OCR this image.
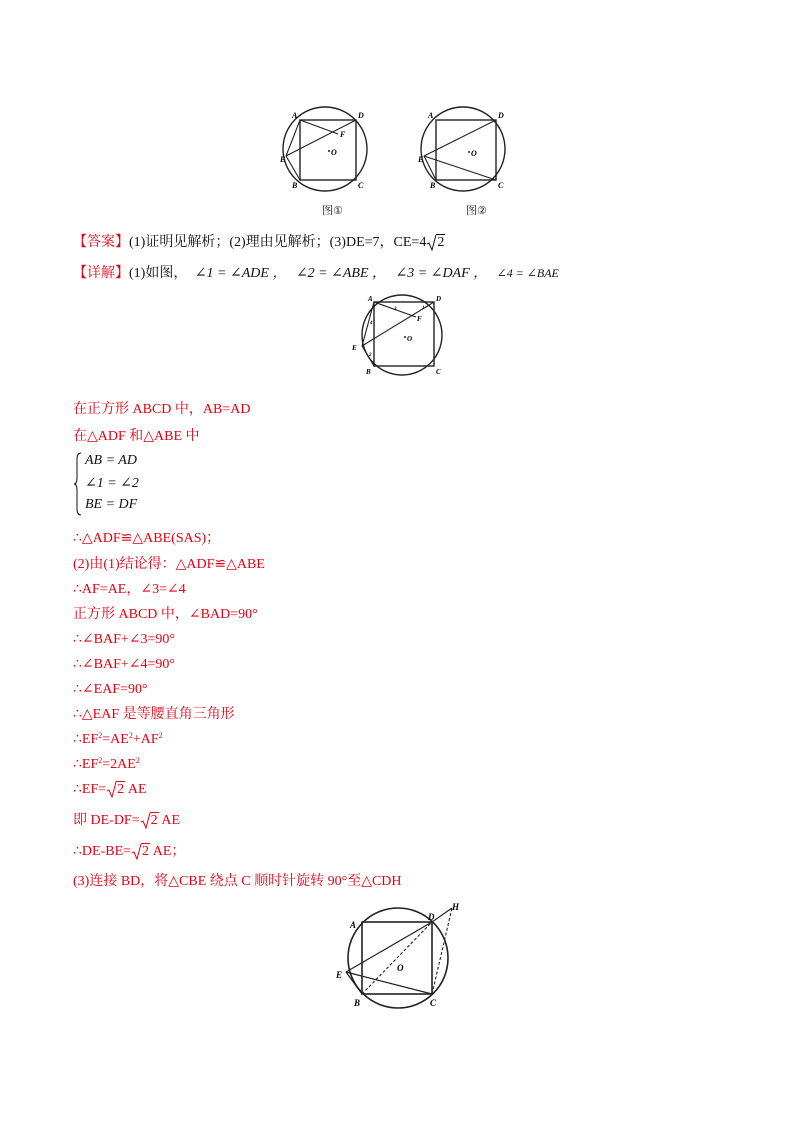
A	D
F
O
E
B	C
图①
A	D
O
E
B	C
图②
【答案】(1)证明见解析；(2)理由见解析；(3)DE=7，CE=4 2
【详解】(1)如图， ∠1 = ∠ADE ， ∠2 = ∠ABE ， ∠3 = ∠DAF ， ∠4 = ∠BAE
A	D
F
O
E
B	C
3	1
4
2
在正方形 ABCD 中，AB=AD
在△ADF 和△ABE 中
AB = AD
∠1 = ∠2
BE = DF
∴△ADF≌△ABE(SAS)；
(2)由(1)结论得：△ADF≌△ABE
∴AF=AE，∠3=∠4
正方形 ABCD 中，∠BAD=90°
∴∠BAF+∠3=90°
∴∠BAF+∠4=90°
∴∠EAF=90°
∴△EAF 是等腰直角三角形
$\therefore EF^2=AE^2+AF^2$
$\therefore EF^2=2AE^2$
∴EF= 2 AE
即 DE-DF= 2 AE
∴DE-BE= 2 AE；
(3)连接 BD，将△CBE 绕点 C 顺时针旋转 90°至△CDH
A
D
H
O
E
B	C
